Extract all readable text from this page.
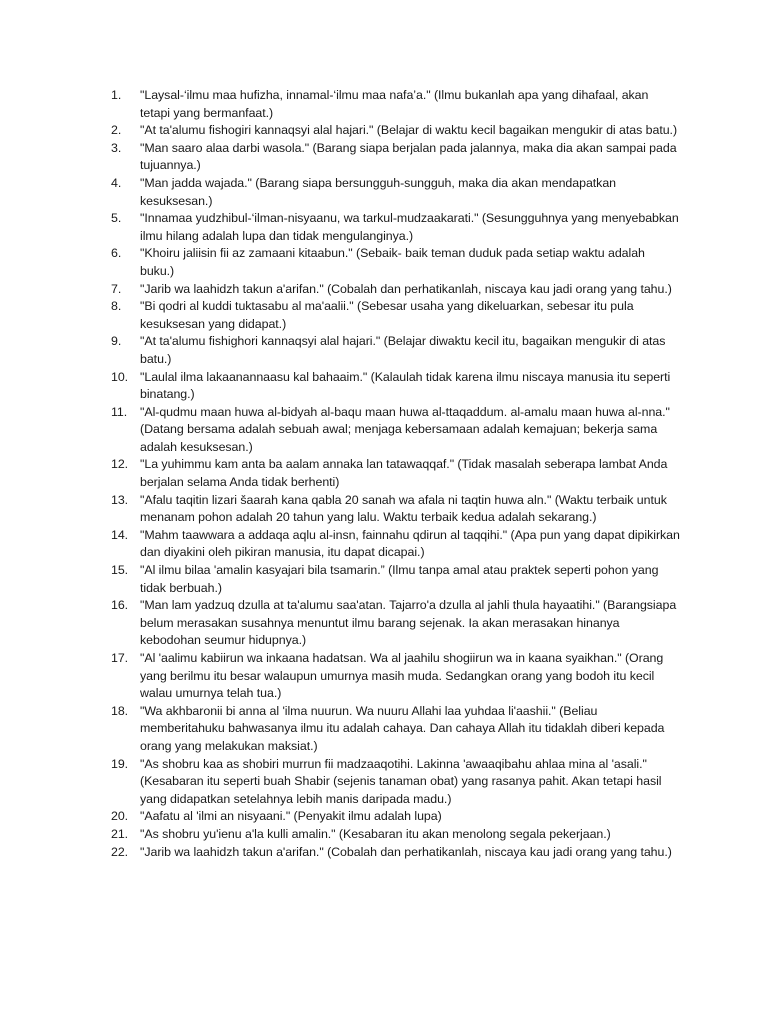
1. "Laysal-‘ilmu maa hufizha, innamal-‘ilmu maa nafa’a." (Ilmu bukanlah apa yang dihafaal, akan tetapi yang bermanfaat.)
2. "At ta'alumu fishogiri kannaqsyi alal hajari." (Belajar di waktu kecil bagaikan mengukir di atas batu.)
3. "Man saaro alaa darbi wasola." (Barang siapa berjalan pada jalannya, maka dia akan sampai pada tujuannya.)
4. "Man jadda wajada." (Barang siapa bersungguh-sungguh, maka dia akan mendapatkan kesuksesan.)
5. "Innamaa yudzhibul-‘ilman-nisyaanu, wa tarkul-mudzaakarati." (Sesungguhnya yang menyebabkan ilmu hilang adalah lupa dan tidak mengulanginya.)
6. "Khoiru jaliisin fii az zamaani kitaabun." (Sebaik- baik teman duduk pada setiap waktu adalah buku.)
7. "Jarib wa laahidzh takun a'arifan." (Cobalah dan perhatikanlah, niscaya kau jadi orang yang tahu.)
8. "Bi qodri al kuddi tuktasabu al ma'aalii." (Sebesar usaha yang dikeluarkan, sebesar itu pula kesuksesan yang didapat.)
9. "At ta'alumu fishighori kannaqsyi alal hajari." (Belajar diwaktu kecil itu, bagaikan mengukir di atas batu.)
10. "Laulal ilma lakaanannaasu kal bahaaim." (Kalaulah tidak karena ilmu niscaya manusia itu seperti binatang.)
11. "Al-qudmu maan huwa al-bidyah al-baqu maan huwa al-ttaqaddum. al-amalu maan huwa al-nna." (Datang bersama adalah sebuah awal; menjaga kebersamaan adalah kemajuan; bekerja sama adalah kesuksesan.)
12. "La yuhimmu kam anta ba aalam annaka lan tatawaqqaf." (Tidak masalah seberapa lambat Anda berjalan selama Anda tidak berhenti)
13. "Afalu taqitin lizari šaarah kana qabla 20 sanah wa afala ni taqtin huwa aln." (Waktu terbaik untuk menanam pohon adalah 20 tahun yang lalu. Waktu terbaik kedua adalah sekarang.)
14. "Mahm taawwara a addaqa aqlu al-insn, fainnahu qdirun al taqqihi." (Apa pun yang dapat dipikirkan dan diyakini oleh pikiran manusia, itu dapat dicapai.)
15. "Al ilmu bilaa 'amalin kasyajari bila tsamarin.” (Ilmu tanpa amal atau praktek seperti pohon yang tidak berbuah.)
16. "Man lam yadzuq dzulla at ta'alumu saa'atan. Tajarro'a dzulla al jahli thula hayaatihi." (Barangsiapa belum merasakan susahnya menuntut ilmu barang sejenak. Ia akan merasakan hinanya kebodohan seumur hidupnya.)
17. "Al 'aalimu kabiirun wa inkaana hadatsan. Wa al jaahilu shogiirun wa in kaana syaikhan." (Orang yang berilmu itu besar walaupun umurnya masih muda. Sedangkan orang yang bodoh itu kecil walau umurnya telah tua.)
18. "Wa akhbaronii bi anna al 'ilma nuurun. Wa nuuru Allahi laa yuhdaa li'aashii." (Beliau memberitahuku bahwasanya ilmu itu adalah cahaya. Dan cahaya Allah itu tidaklah diberi kepada orang yang melakukan maksiat.)
19. "As shobru kaa as shobiri murrun fii madzaaqotihi. Lakinna 'awaaqibahu ahlaa mina al 'asali." (Kesabaran itu seperti buah Shabir (sejenis tanaman obat) yang rasanya pahit. Akan tetapi hasil yang didapatkan setelahnya lebih manis daripada madu.)
20. "Aafatu al 'ilmi an nisyaani." (Penyakit ilmu adalah lupa)
21. "As shobru yu'ienu a'la kulli amalin." (Kesabaran itu akan menolong segala pekerjaan.)
22. "Jarib wa laahidzh takun a'arifan." (Cobalah dan perhatikanlah, niscaya kau jadi orang yang tahu.)
